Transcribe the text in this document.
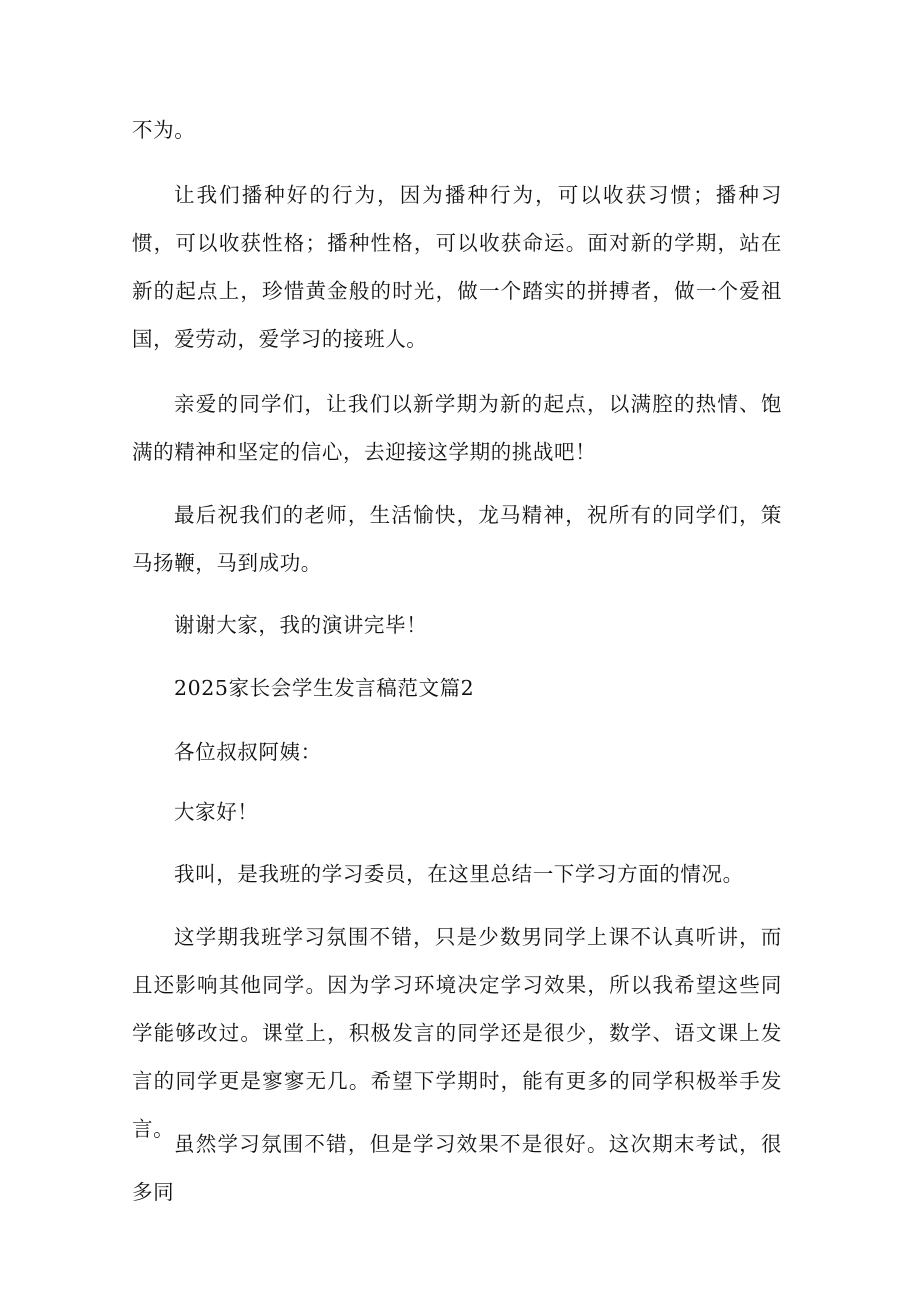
不为。

让我们播种好的行为，因为播种行为，可以收获习惯；播种习惯，可以收获性格；播种性格，可以收获命运。面对新的学期，站在新的起点上，珍惜黄金般的时光，做一个踏实的拼搏者，做一个爱祖国，爱劳动，爱学习的接班人。

亲爱的同学们，让我们以新学期为新的起点，以满腔的热情、饱满的精神和坚定的信心，去迎接这学期的挑战吧！

最后祝我们的老师，生活愉快，龙马精神，祝所有的同学们，策马扬鞭，马到成功。

谢谢大家，我的演讲完毕！

2025家长会学生发言稿范文篇2

各位叔叔阿姨：

大家好！

我叫，是我班的学习委员，在这里总结一下学习方面的情况。

这学期我班学习氛围不错，只是少数男同学上课不认真听讲，而且还影响其他同学。因为学习环境决定学习效果，所以我希望这些同学能够改过。课堂上，积极发言的同学还是很少，数学、语文课上发言的同学更是寥寥无几。希望下学期时，能有更多的同学积极举手发言。

虽然学习氛围不错，但是学习效果不是很好。这次期末考试，很多同
